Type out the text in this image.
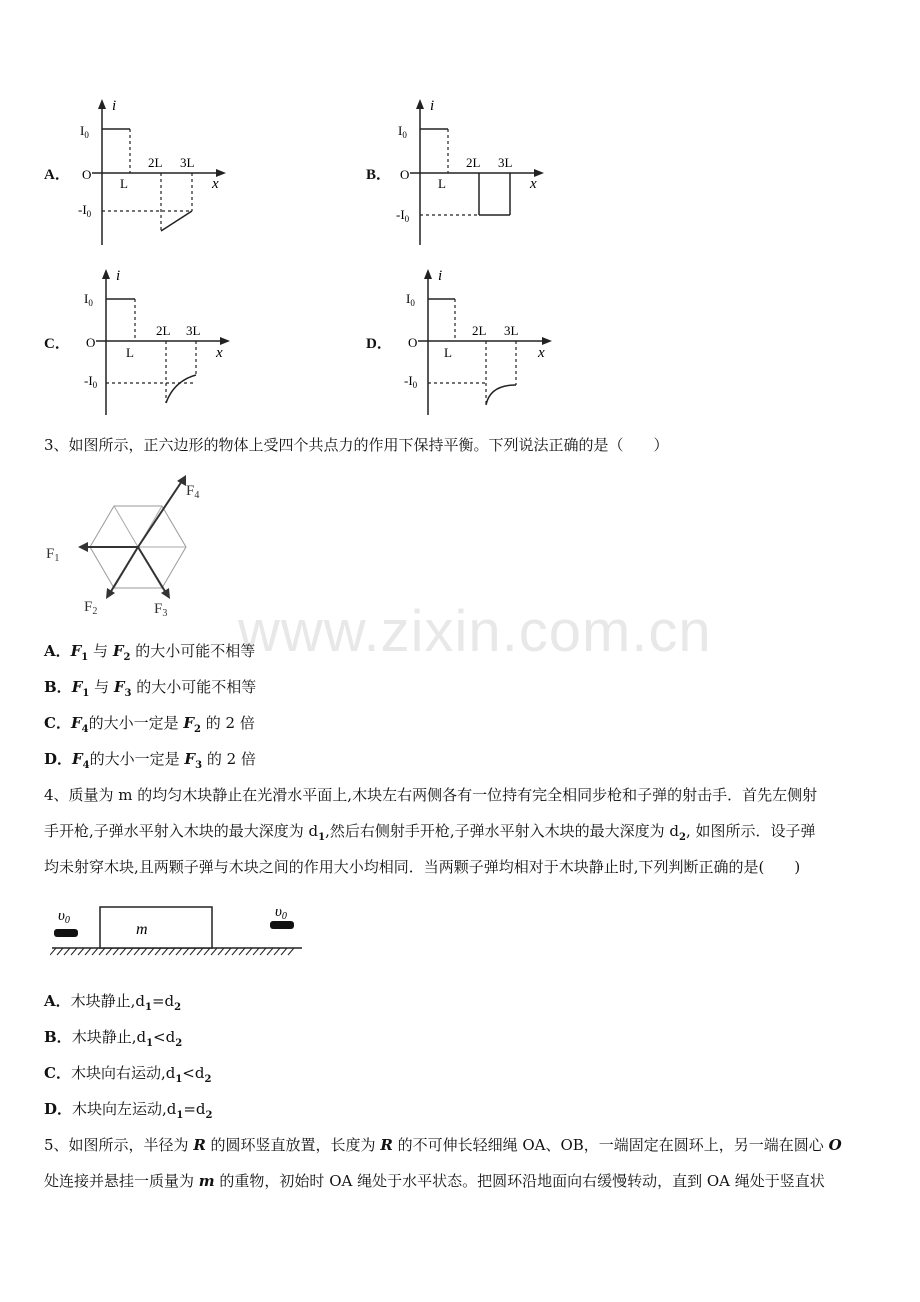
A．
i
$I_0$
O
L
2L 3L
x
$-I_0$
B．
i
$I_0$
O
L
2L 3L
x
$-I_0$
C．
i
$I_0$
O
L
2L 3L
x
$-I_0$
D．
i
$I_0$
O
L
2L 3L
x
$-I_0$
3、如图所示，正六边形的物体上受四个共点力的作用下保持平衡。下列说法正确的是（　　）
$F_1$
$F_2$	$F_3$
$F_4$
www.zixin.com.cn
A．$F_1$ 与 $F_2$ 的大小可能不相等
B．$F_1$ 与 $F_3$ 的大小可能不相等
C．$F_4$的大小一定是 $F_2$ 的 2 倍
D．$F_4$的大小一定是 $F_3$ 的 2 倍
4、质量为 m 的均匀木块静止在光滑水平面上,木块左右两侧各有一位持有完全相同步枪和子弹的射击手．首先左侧射
手开枪,子弹水平射入木块的最大深度为 $d_1$,然后右侧射手开枪,子弹水平射入木块的最大深度为 $d_2$, 如图所示．设子弹
均未射穿木块,且两颗子弹与木块之间的作用大小均相同．当两颗子弹均相对于木块静止时,下列判断正确的是(　　)
m
$\upsilon_0$
$\upsilon_0$
A．木块静止$,d_1=d_2$
B．木块静止$,d_1<d_2$
C．木块向右运动$,d_1<d_2$
D．木块向左运动$,d_1=d_2$
5、如图所示，半径为 R 的圆环竖直放置，长度为 R 的不可伸长轻细绳 OA、OB，一端固定在圆环上，另一端在圆心 O
处连接并悬挂一质量为 m 的重物，初始时 OA 绳处于水平状态。把圆环沿地面向右缓慢转动，直到 OA 绳处于竖直状
